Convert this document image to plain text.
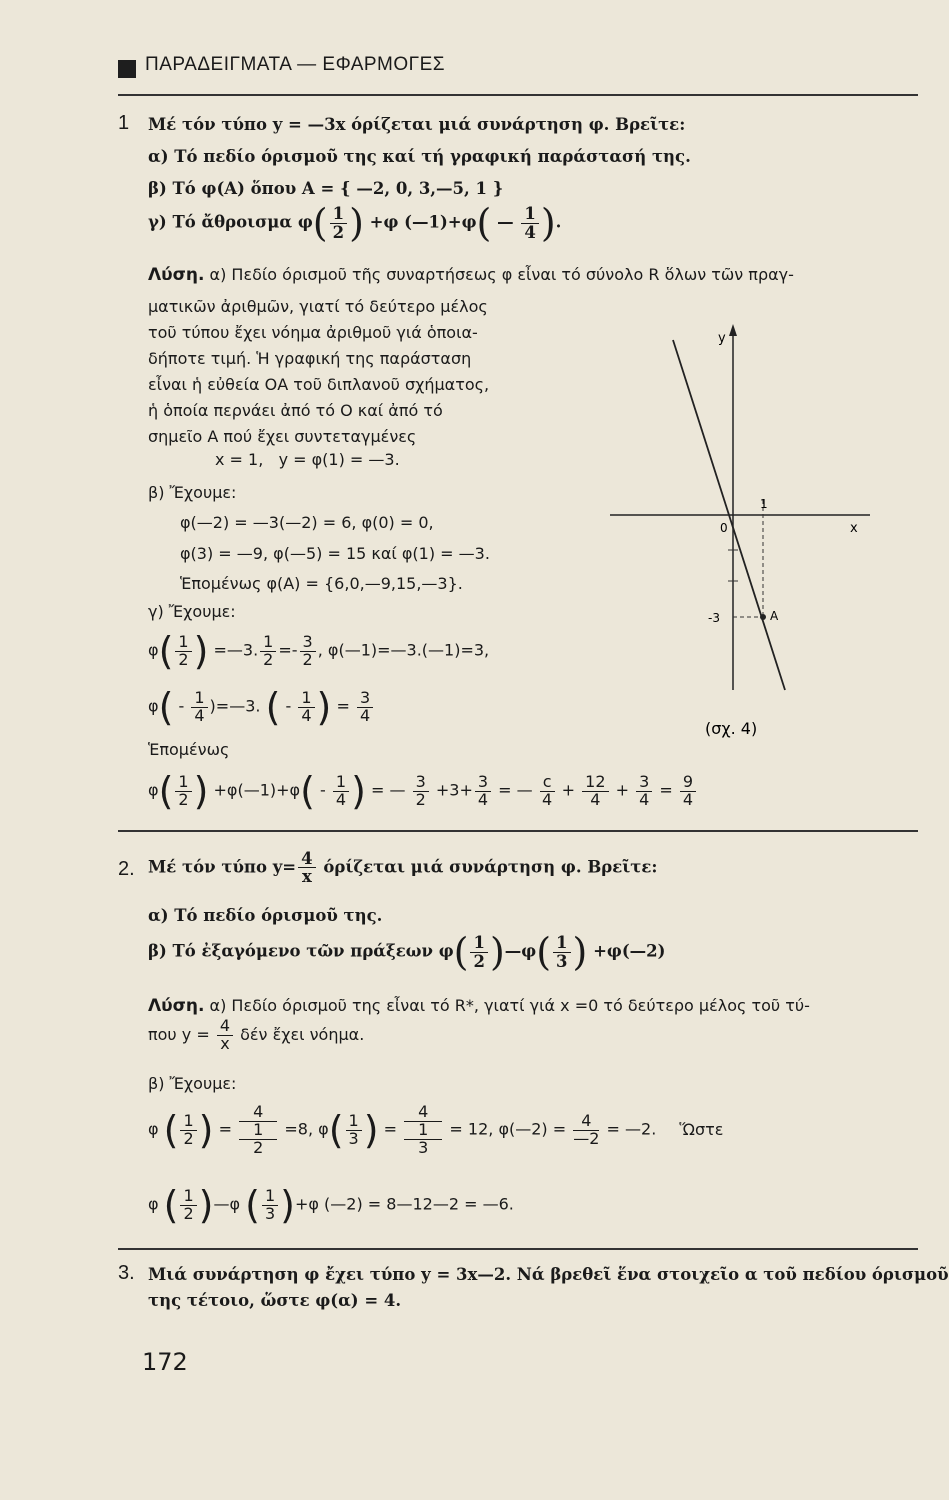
ΠΑΡΑΔΕΙΓΜΑΤΑ — ΕΦΑΡΜΟΓΕΣ
1 Μέ τόν τύπο y = —3x όρίζεται μιά συνάρτηση φ. Βρεῖτε:
α) Τό πεδίο όρισμοῦ της καί τή γραφική παράστασή της.
β) Τό φ(Α) ὅπου Α = { —2, 0, 3,—5, 1 }
γ) Τό ἄθροισμα $\varphi( \frac{1}{2}$ ) +φ (—1)+φ( — $\frac{1}{4}$ ).
Λύση. α) Πεδίο όρισμοῦ τῆς συναρτήσεως φ εἶναι τό σύνολο R ὅλων τῶν πραγ-
ματικῶν ἀριθμῶν, γιατί τό δεύτερο μέλος
τοῦ τύπου ἔχει νόημα ἀριθμοῦ γιά ὁποια-
δήποτε τιμή. Ἡ γραφική της παράσταση
εἶναι ἡ εὐθεία ΟΑ τοῦ διπλανοῦ σχήματος,
ἡ ὁποία περνάει ἀπό τό Ο καί ἀπό τό
σημεῖο Α πού ἔχει συντεταγμένες
x = 1,   y = φ(1) = —3.
β) Ἔχουμε:
φ(—2) = —3(—2) = 6, φ(0) = 0,
φ(3) = —9, φ(—5) = 15 καί φ(1) = —3.
Ἑπομένως φ(Α) = {6,0,—9,15,—3}.
γ) Ἔχουμε:
$\varphi( \frac{1}{2}$ ) =—3. $\frac{1}{2} =- \frac{3}{2}$ , φ(—1)=—3.(—1)=3,
$\varphi( - \frac{1}{4}$ )=—3. ( - $\frac{1}{4}$ ) = $\frac{3}{4}$
Ἑπομένως
$\varphi( \frac{1}{2}$ ) +φ(—1)+φ( - $\frac{1}{4}$ ) = — $\frac{3}{2} +3+ \frac{3}{4}$ = — $\frac{c}{4} + \frac{12}{4} + \frac{3}{4} = \frac{9}{4}$
y
x
0
1
-3	A
(σχ. 4)
2. Μέ τόν τύπο $y= \frac{4}{x}$ όρίζεται μιά συνάρτηση φ. Βρεῖτε:
α) Τό πεδίο όρισμοῦ της.
β) Τό ἐξαγόμενο τῶν πράξεων $\varphi( \frac{1}{2}$ )—φ( $\frac{1}{3}$ ) +φ(—2)
Λύση. α) Πεδίο όρισμοῦ της εἶναι τό R*, γιατί γιά x =0 τό δεύτερο μέλος τοῦ τύ-
που $y = \frac{4}{x}$ δέν ἔχει νόημα.
β) Ἔχουμε:
φ ( $\frac{1}{2}$ ) = 4
1
2 =8, $\varphi( \frac{1}{3}$ ) = 4
1
3 = 12, φ(—2) = $\frac{4}{—2}$ = —2. Ὥστε
φ ( $\frac{1}{2}$ )—φ ( $\frac{1}{3} )+\varphi$ (—2) = 8—12—2 = —6.
3. Μιά συνάρτηση φ ἔχει τύπο y = 3x—2. Νά βρεθεῖ ἕνα στοιχεῖο α τοῦ πεδίου όρισμοῦ
της τέτοιο, ὥστε φ(α) = 4.
172
